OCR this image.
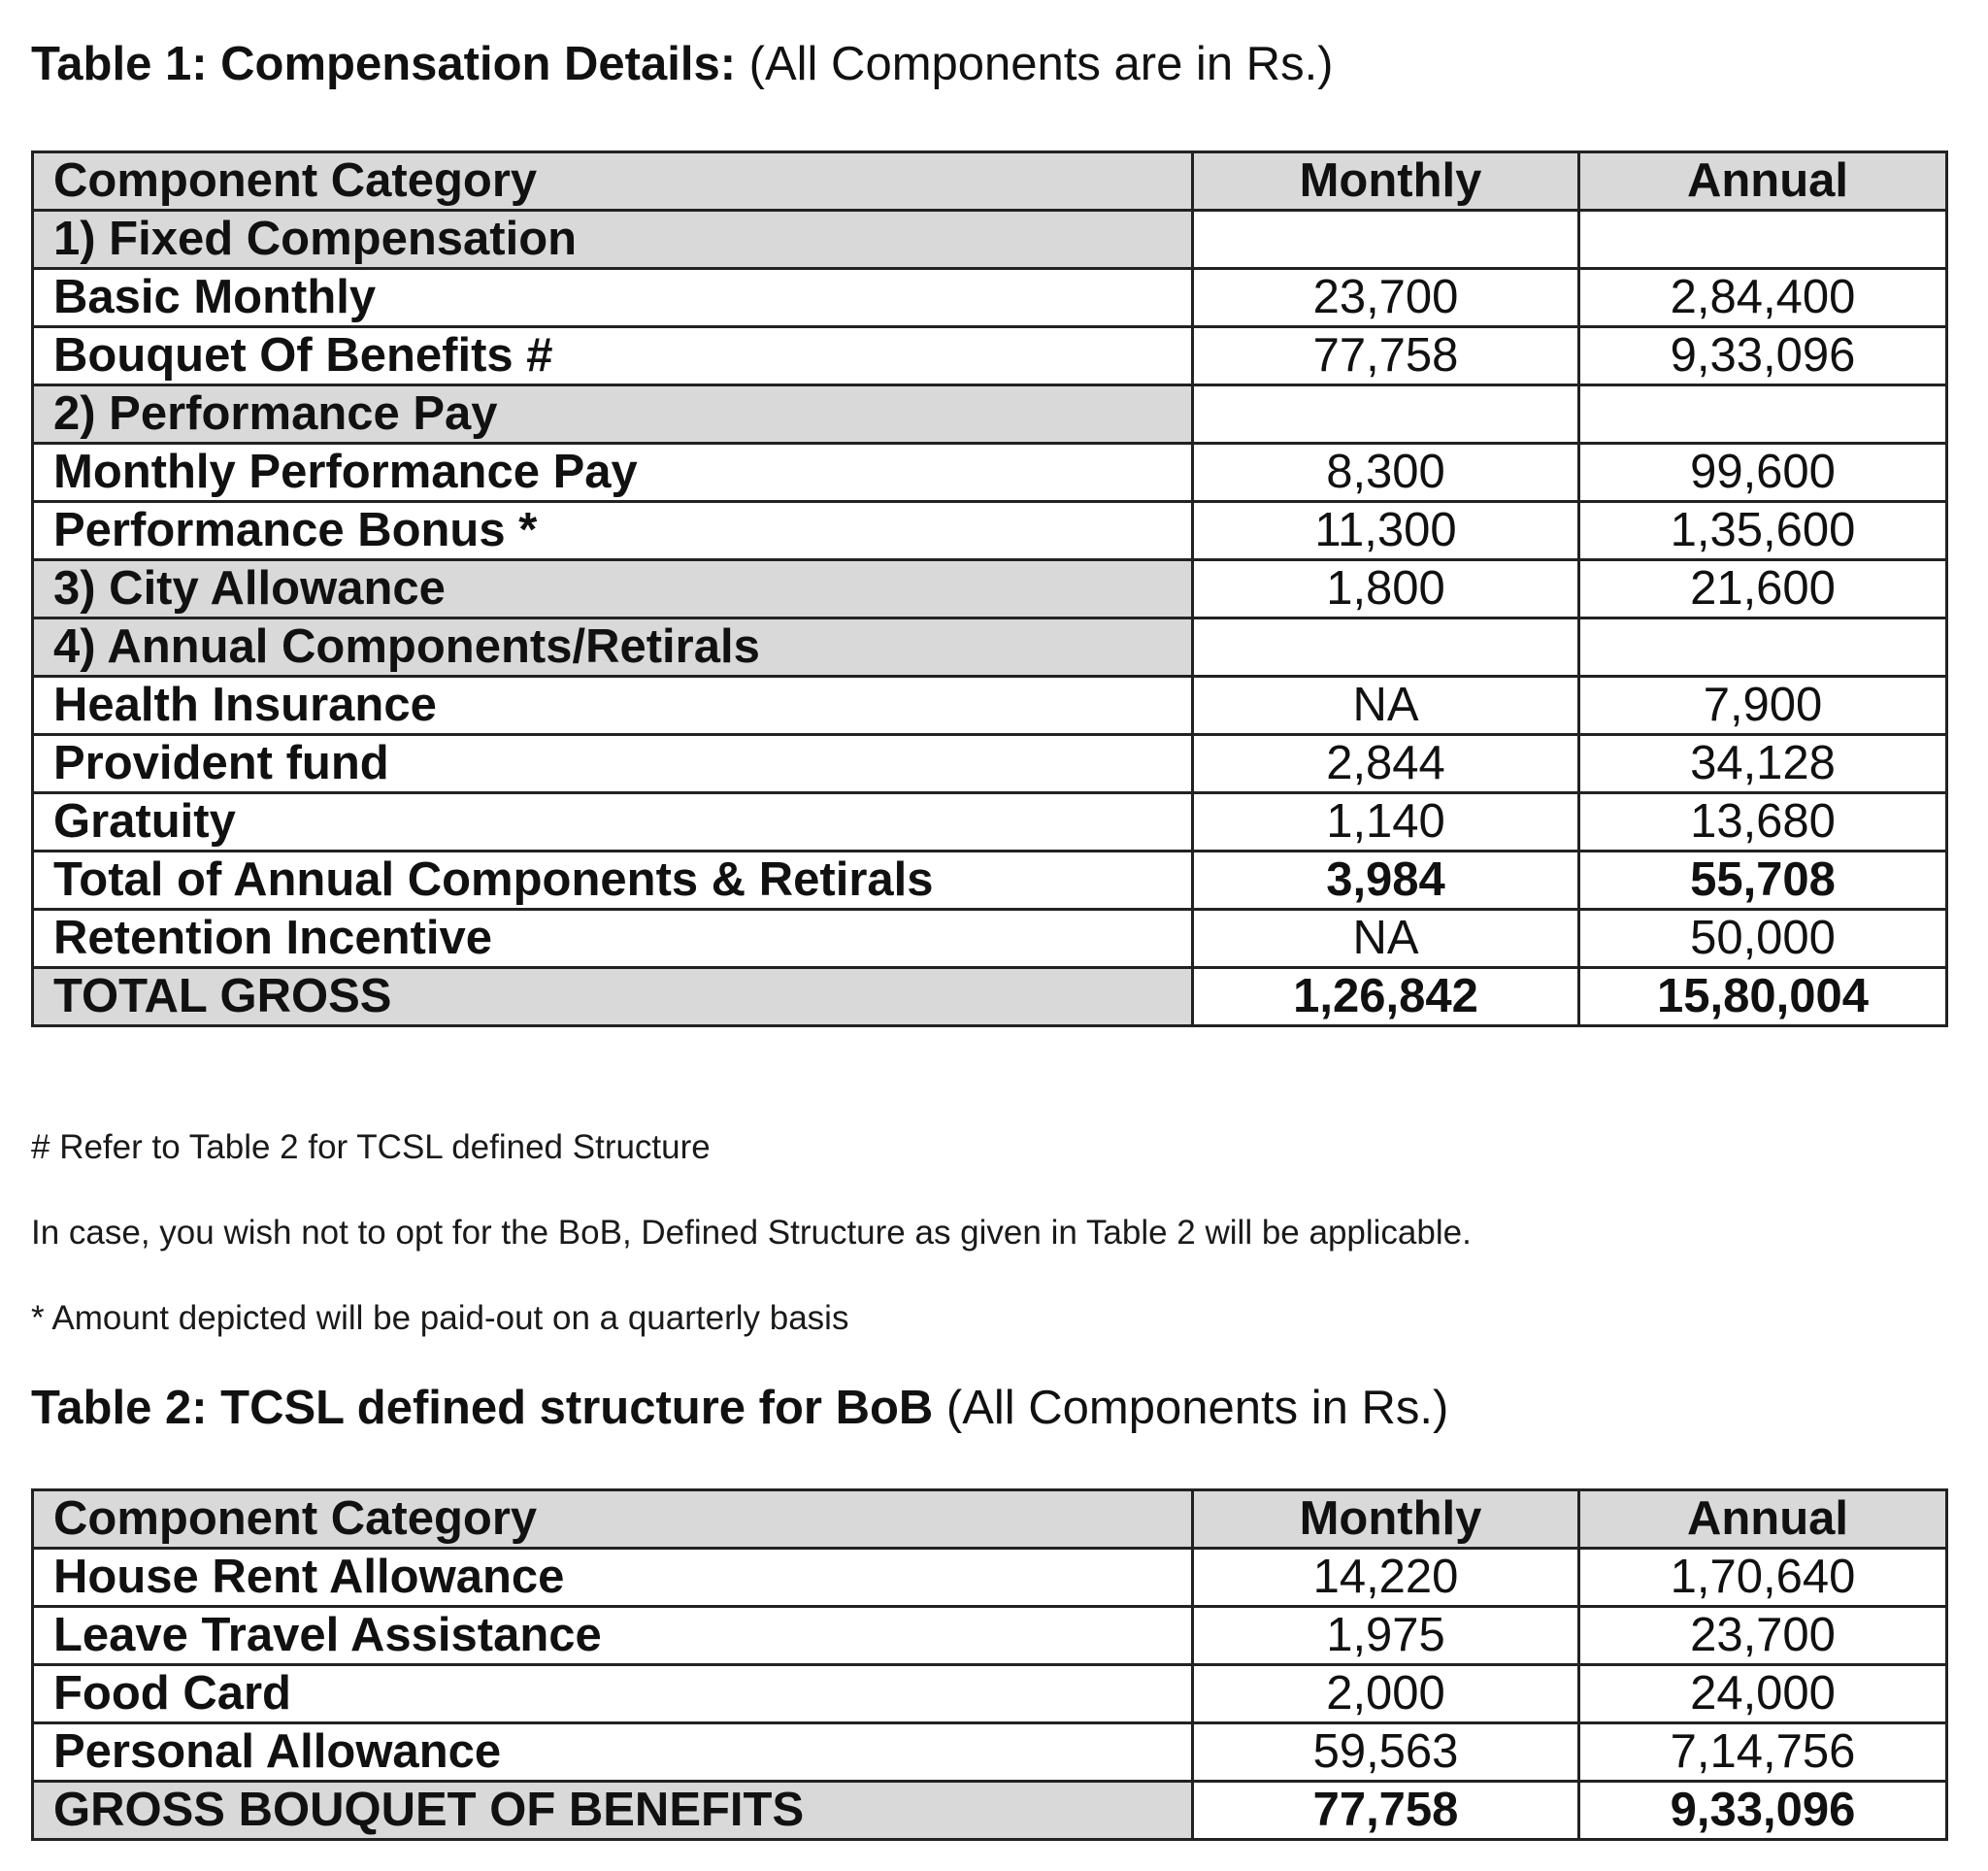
Table 1: Compensation Details: (All Components are in Rs.)
Component Category	Monthly	Annual
1) Fixed Compensation		
Basic Monthly	23,700	2,84,400
Bouquet Of Benefits #	77,758	9,33,096
2) Performance Pay		
Monthly Performance Pay	8,300	99,600
Performance Bonus *	11,300	1,35,600
3) City Allowance	1,800	21,600
4) Annual Components/Retirals		
Health Insurance	NA	7,900
Provident fund	2,844	34,128
Gratuity	1,140	13,680
Total of Annual Components & Retirals	3,984	55,708
Retention Incentive	NA	50,000
TOTAL GROSS	1,26,842	15,80,004

# Refer to Table 2 for TCSL defined Structure

In case, you wish not to opt for the BoB, Defined Structure as given in Table 2 will be applicable.

* Amount depicted will be paid-out on a quarterly basis

Table 2: TCSL defined structure for BoB (All Components in Rs.)
Component Category	Monthly	Annual
House Rent Allowance	14,220	1,70,640
Leave Travel Assistance	1,975	23,700
Food Card	2,000	24,000
Personal Allowance	59,563	7,14,756
GROSS BOUQUET OF BENEFITS	77,758	9,33,096
